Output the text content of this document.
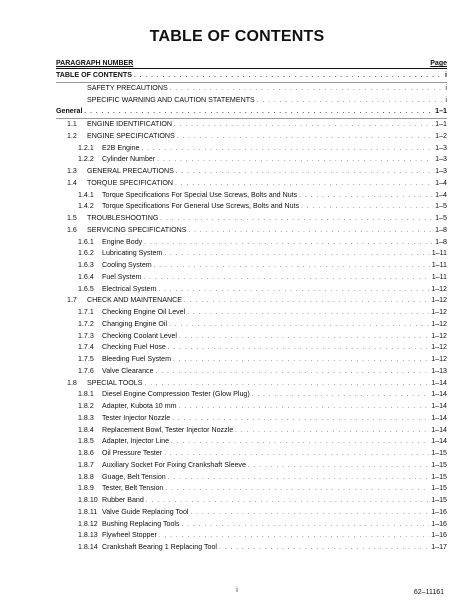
TABLE OF CONTENTS
PARAGRAPH NUMBER	Page
TABLE OF CONTENTS . . .	i
SAFETY PRECAUTIONS . . .	i
SPECIFIC WARNING AND CAUTION STATEMENTS . . .	i
General . . .	1–1
1.1	ENGINE IDENTIFICATION . . .	1–1
1.2	ENGINE SPECIFICATIONS . . .	1–2
1.2.1	E2B Engine . . .	1–3
1.2.2	Cylinder Number . . .	1–3
1.3	GENERAL PRECAUTIONS . . .	1–3
1.4	TORQUE SPECIFICATION . . .	1–4
1.4.1	Torque Specifications For Special Use Screws, Bolts and Nuts . . .	1–4
1.4.2	Torque Specifications For General Use Screws, Bolts and Nuts . . .	1–5
1.5	TROUBLESHOOTING . . .	1–5
1.6	SERVICING SPECIFICATIONS . . .	1–8
1.6.1	Engine Body . . .	1–8
1.6.2	Lubricating System . . .	1–11
1.6.3	Cooling System . . .	1–11
1.6.4	Fuel System . . .	1–11
1.6.5	Electrical System . . .	1–12
1.7	CHECK AND MAINTENANCE . . .	1–12
1.7.1	Checking Engine Oil Level . . .	1–12
1.7.2	Changing Engine Oil . . .	1–12
1.7.3	Checking Coolant Level . . .	1–12
1.7.4	Checking Fuel Hose . . .	1–12
1.7.5	Bleeding Fuel System . . .	1–12
1.7.6	Valve Clearance . . .	1–13
1.8	SPECIAL TOOLS . . .	1–14
1.8.1	Diesel Engine Compression Tester (Glow Plug) . . .	1–14
1.8.2	Adapter, Kubota 10 mm . . .	1–14
1.8.3	Tester Injector Nozzle . . .	1–14
1.8.4	Replacement Bowl, Tester Injector Nozzle . . .	1–14
1.8.5	Adapter, Injector Line . . .	1–14
1.8.6	Oil Pressure Tester . . .	1–15
1.8.7	Auxiliary Socket For Fixing Crankshaft Sleeve . . .	1–15
1.8.8	Guage, Belt Tension . . .	1–15
1.8.9	Tester, Belt Tension . . .	1–15
1.8.10 Rubber Band . . .	1–15
1.8.11 Valve Guide Replacing Tool . . .	1–16
1.8.12 Bushing Replacing Tools . . .	1–16
1.8.13 Flywheel Stopper . . .	1–16
1.8.14 Crankshaft Bearing 1 Replacing Tool . . .	1–17
i	62–11161
